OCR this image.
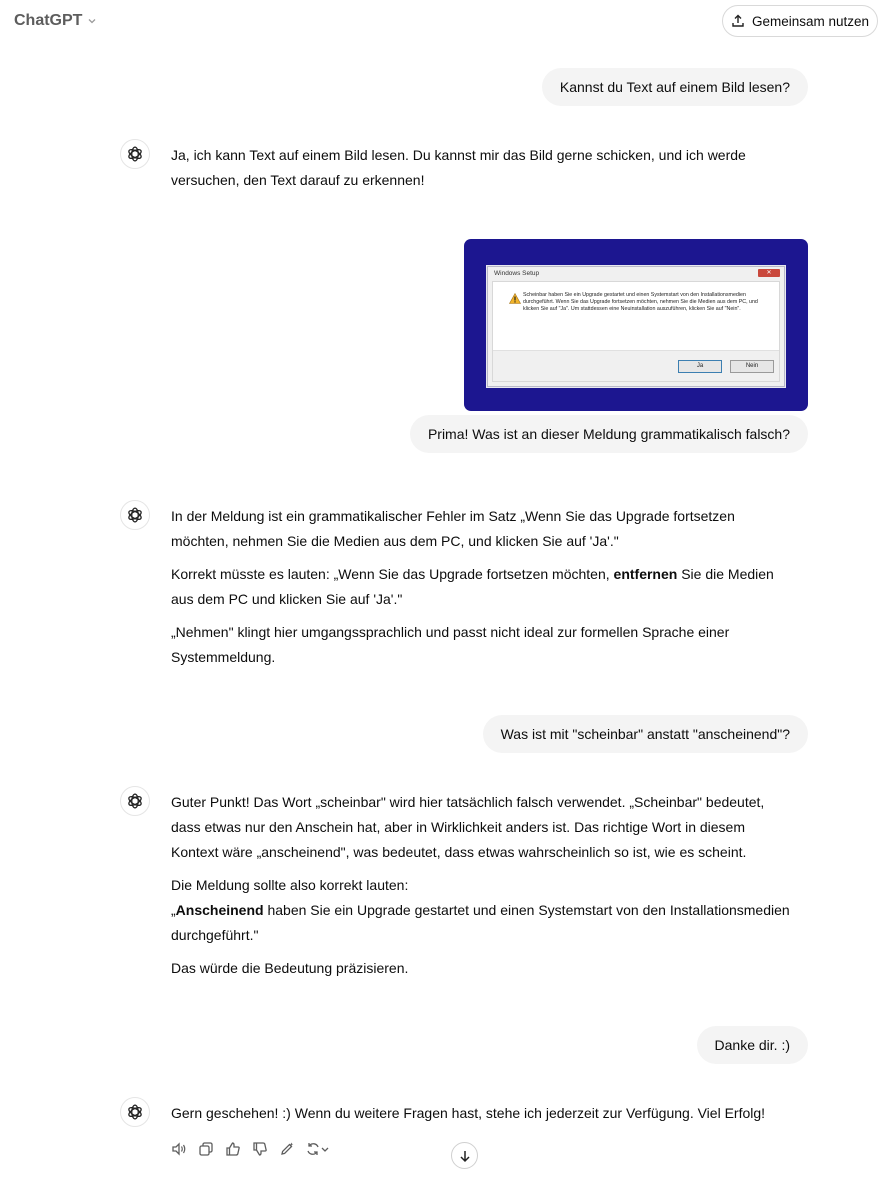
ChatGPT	Gemeinsam nutzen
Kannst du Text auf einem Bild lesen?

Ja, ich kann Text auf einem Bild lesen. Du kannst mir das Bild gerne schicken, und ich werde versuchen, den Text darauf zu erkennen!

Windows Setup	✕
Scheinbar haben Sie ein Upgrade gestartet und einen Systemstart von den Installationsmedien durchgeführt. Wenn Sie das Upgrade fortsetzen möchten, nehmen Sie die Medien aus dem PC, und klicken Sie auf "Ja". Um stattdessen eine Neuinstallation auszuführen, klicken Sie auf "Nein".
Ja	Nein
Prima! Was ist an dieser Meldung grammatikalisch falsch?

In der Meldung ist ein grammatikalischer Fehler im Satz „Wenn Sie das Upgrade fortsetzen möchten, nehmen Sie die Medien aus dem PC, und klicken Sie auf 'Ja'."

Korrekt müsste es lauten: „Wenn Sie das Upgrade fortsetzen möchten, entfernen Sie die Medien aus dem PC und klicken Sie auf 'Ja'."

„Nehmen" klingt hier umgangssprachlich und passt nicht ideal zur formellen Sprache einer Systemmeldung.

Was ist mit "scheinbar" anstatt "anscheinend"?

Guter Punkt! Das Wort „scheinbar" wird hier tatsächlich falsch verwendet. „Scheinbar" bedeutet, dass etwas nur den Anschein hat, aber in Wirklichkeit anders ist. Das richtige Wort in diesem Kontext wäre „anscheinend", was bedeutet, dass etwas wahrscheinlich so ist, wie es scheint.

Die Meldung sollte also korrekt lauten:
„Anscheinend haben Sie ein Upgrade gestartet und einen Systemstart von den Installationsmedien durchgeführt."

Das würde die Bedeutung präzisieren.

Danke dir. :)

Gern geschehen! :) Wenn du weitere Fragen hast, stehe ich jederzeit zur Verfügung. Viel Erfolg!
